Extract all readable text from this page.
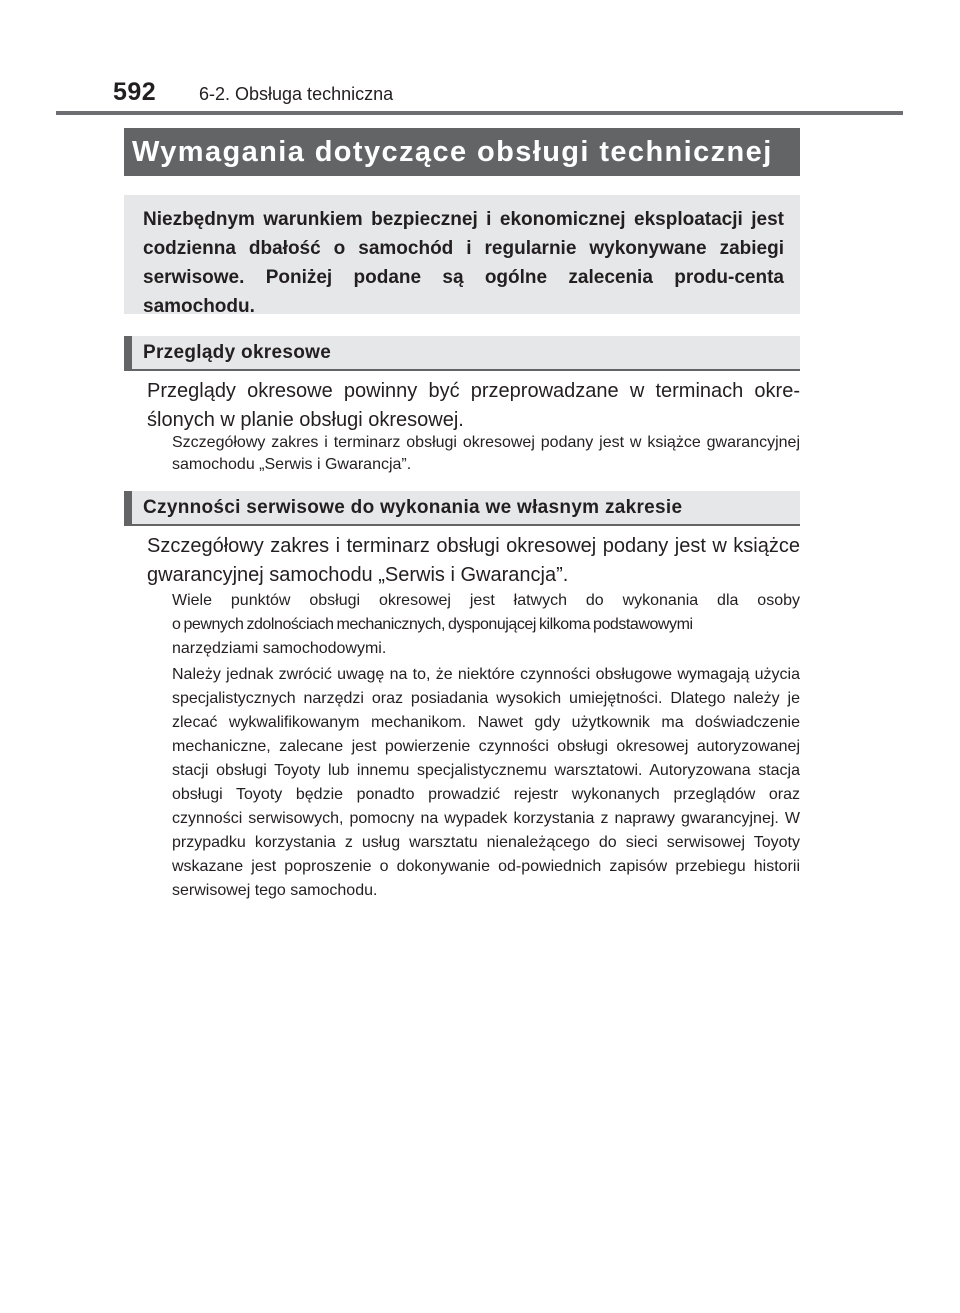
592 6-2. Obsługa techniczna
Wymagania dotyczące obsługi technicznej
Niezbędnym warunkiem bezpiecznej i ekonomicznej eksploatacji jest codzienna dbałość o samochód i regularnie wykonywane zabiegi serwisowe. Poniżej podane są ogólne zalecenia produ-centa samochodu.
Przeglądy okresowe
Przeglądy okresowe powinny być przeprowadzane w terminach okre-ślonych w planie obsługi okresowej.
Szczegółowy zakres i terminarz obsługi okresowej podany jest w książce gwarancyjnej samochodu „Serwis i Gwarancja”.
Czynności serwisowe do wykonania we własnym zakresie
Szczegółowy zakres i terminarz obsługi okresowej podany jest w książce gwarancyjnej samochodu „Serwis i Gwarancja”.
Wiele punktów obsługi okresowej jest łatwych do wykonania dla osoby
o pewnych zdolnościach mechanicznych, dysponującej kilkoma podstawowymi
narzędziami samochodowymi.
Należy jednak zwrócić uwagę na to, że niektóre czynności obsługowe wymagają użycia specjalistycznych narzędzi oraz posiadania wysokich umiejętności. Dlatego należy je zlecać wykwalifikowanym mechanikom. Nawet gdy użytkownik ma doświadczenie mechaniczne, zalecane jest powierzenie czynności obsługi okresowej autoryzowanej stacji obsługi Toyoty lub innemu specjalistycznemu warsztatowi. Autoryzowana stacja obsługi Toyoty będzie ponadto prowadzić rejestr wykonanych przeglądów oraz czynności serwisowych, pomocny na wypadek korzystania z naprawy gwarancyjnej. W przypadku korzystania z usług warsztatu nienależącego do sieci serwisowej Toyoty wskazane jest poproszenie o dokonywanie od-powiednich zapisów przebiegu historii serwisowej tego samochodu.
